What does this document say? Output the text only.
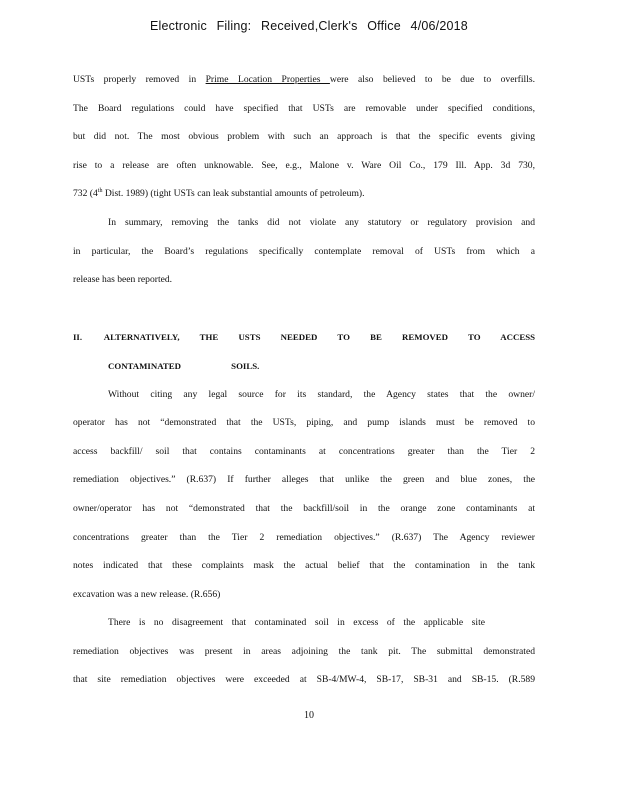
Electronic Filing: Received,Clerk's Office 4/06/2018
USTs properly removed in Prime Location Properties were also believed to be due to overfills.
The Board regulations could have specified that USTs are removable under specified conditions,
but did not. The most obvious problem with such an approach is that the specific events giving
rise to a release are often unknowable. See, e.g., Malone v. Ware Oil Co., 179 Ill. App. 3d 730,
732 (4th Dist. 1989) (tight USTs can leak substantial amounts of petroleum).
In summary, removing the tanks did not violate any statutory or regulatory provision and
in particular, the Board’s regulations specifically contemplate removal of USTs from which a
release has been reported.
II.	ALTERNATIVELY, THE USTS NEEDED TO BE REMOVED TO ACCESS
CONTAMINATED SOILS.
Without citing any legal source for its standard, the Agency states that the owner/
operator has not “demonstrated that the USTs, piping, and pump islands must be removed to
access backfill/ soil that contains contaminants at concentrations greater than the Tier 2
remediation objectives.” (R.637) If further alleges that unlike the green and blue zones, the
owner/operator has not “demonstrated that the backfill/soil in the orange zone contaminants at
concentrations greater than the Tier 2 remediation objectives.” (R.637) The Agency reviewer
notes indicated that these complaints mask the actual belief that the contamination in the tank
excavation was a new release. (R.656)
There is no disagreement that contaminated soil in excess of the applicable site
remediation objectives was present in areas adjoining the tank pit. The submittal demonstrated
that site remediation objectives were exceeded at SB-4/MW-4, SB-17, SB-31 and SB-15. (R.589
10
